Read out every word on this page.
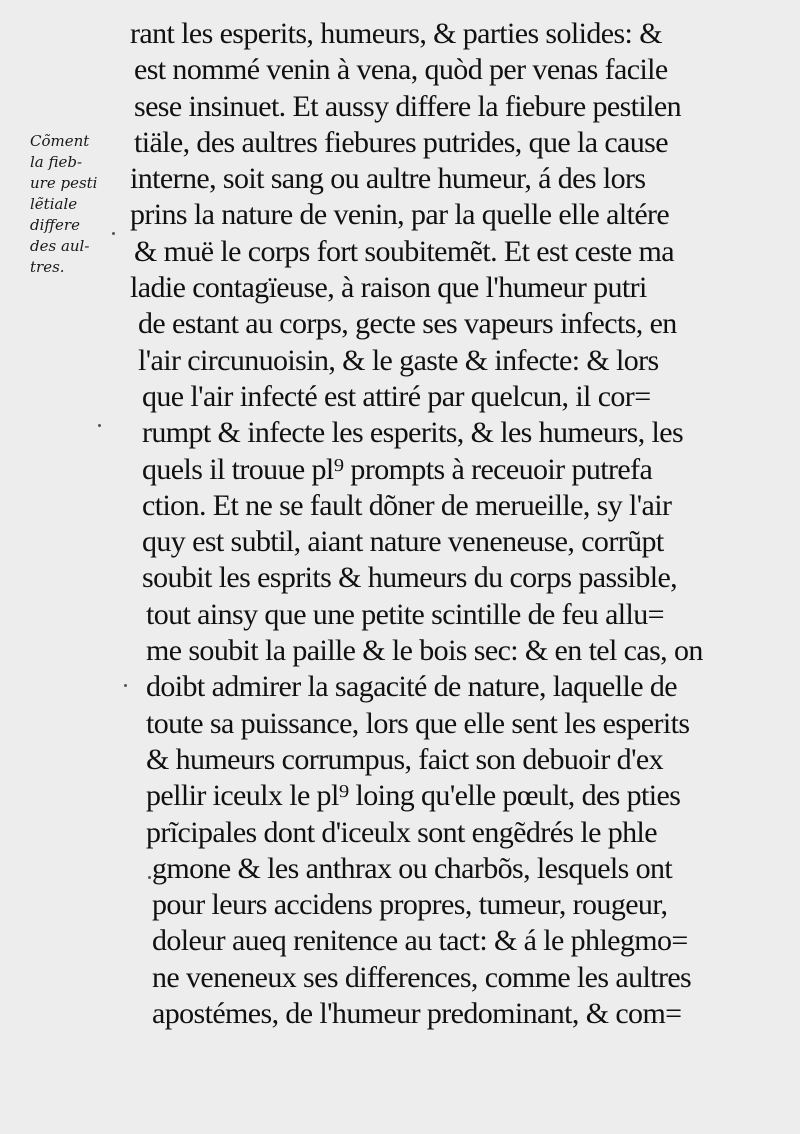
Cõment
la fieb-
ure pesti
lẽtiale
differe
des aul-
tres.
rant les esperits, humeurs, & parties solides: &
est nommé venin à vena, quòd per venas facile
sese insinuet. Et aussy differe la fiebure pestilen
tiäle, des aultres fiebures putrides, que la cause
interne, soit sang ou aultre humeur, á des lors
prins la nature de venin, par la quelle elle altére
& muë le corps fort soubitemẽt. Et est ceste ma
ladie contagïeuse, à raison que l'humeur putri
de estant au corps, gecte ses vapeurs infects, en
l'air circunuoisin, & le gaste & infecte: & lors
que l'air infecté est attiré par quelcun, il cor=
rumpt & infecte les esperits, & les humeurs, les
quels il trouue pl⁹ prompts à receuoir putrefa
ction. Et ne se fault dõner de merueille, sy l'air
quy est subtil, aiant nature veneneuse, corrũpt
soubit les esprits & humeurs du corps passible,
tout ainsy que une petite scintille de feu allu=
me soubit la paille & le bois sec: & en tel cas, on
doibt admirer la sagacité de nature, laquelle de
toute sa puissance, lors que elle sent les esperits
& humeurs corrumpus, faict son debuoir d'ex
pellir iceulx le pl⁹ loing qu'elle pœult, des pties
prĩcipales dont d'iceulx sont engẽdrés le phle
gmone & les anthrax ou charbõs, lesquels ont
pour leurs accidens propres, tumeur, rougeur,
doleur aueq renitence au tact: & á le phlegmo=
ne veneneux ses differences, comme les aultres
apostémes, de l'humeur predominant, & com=
